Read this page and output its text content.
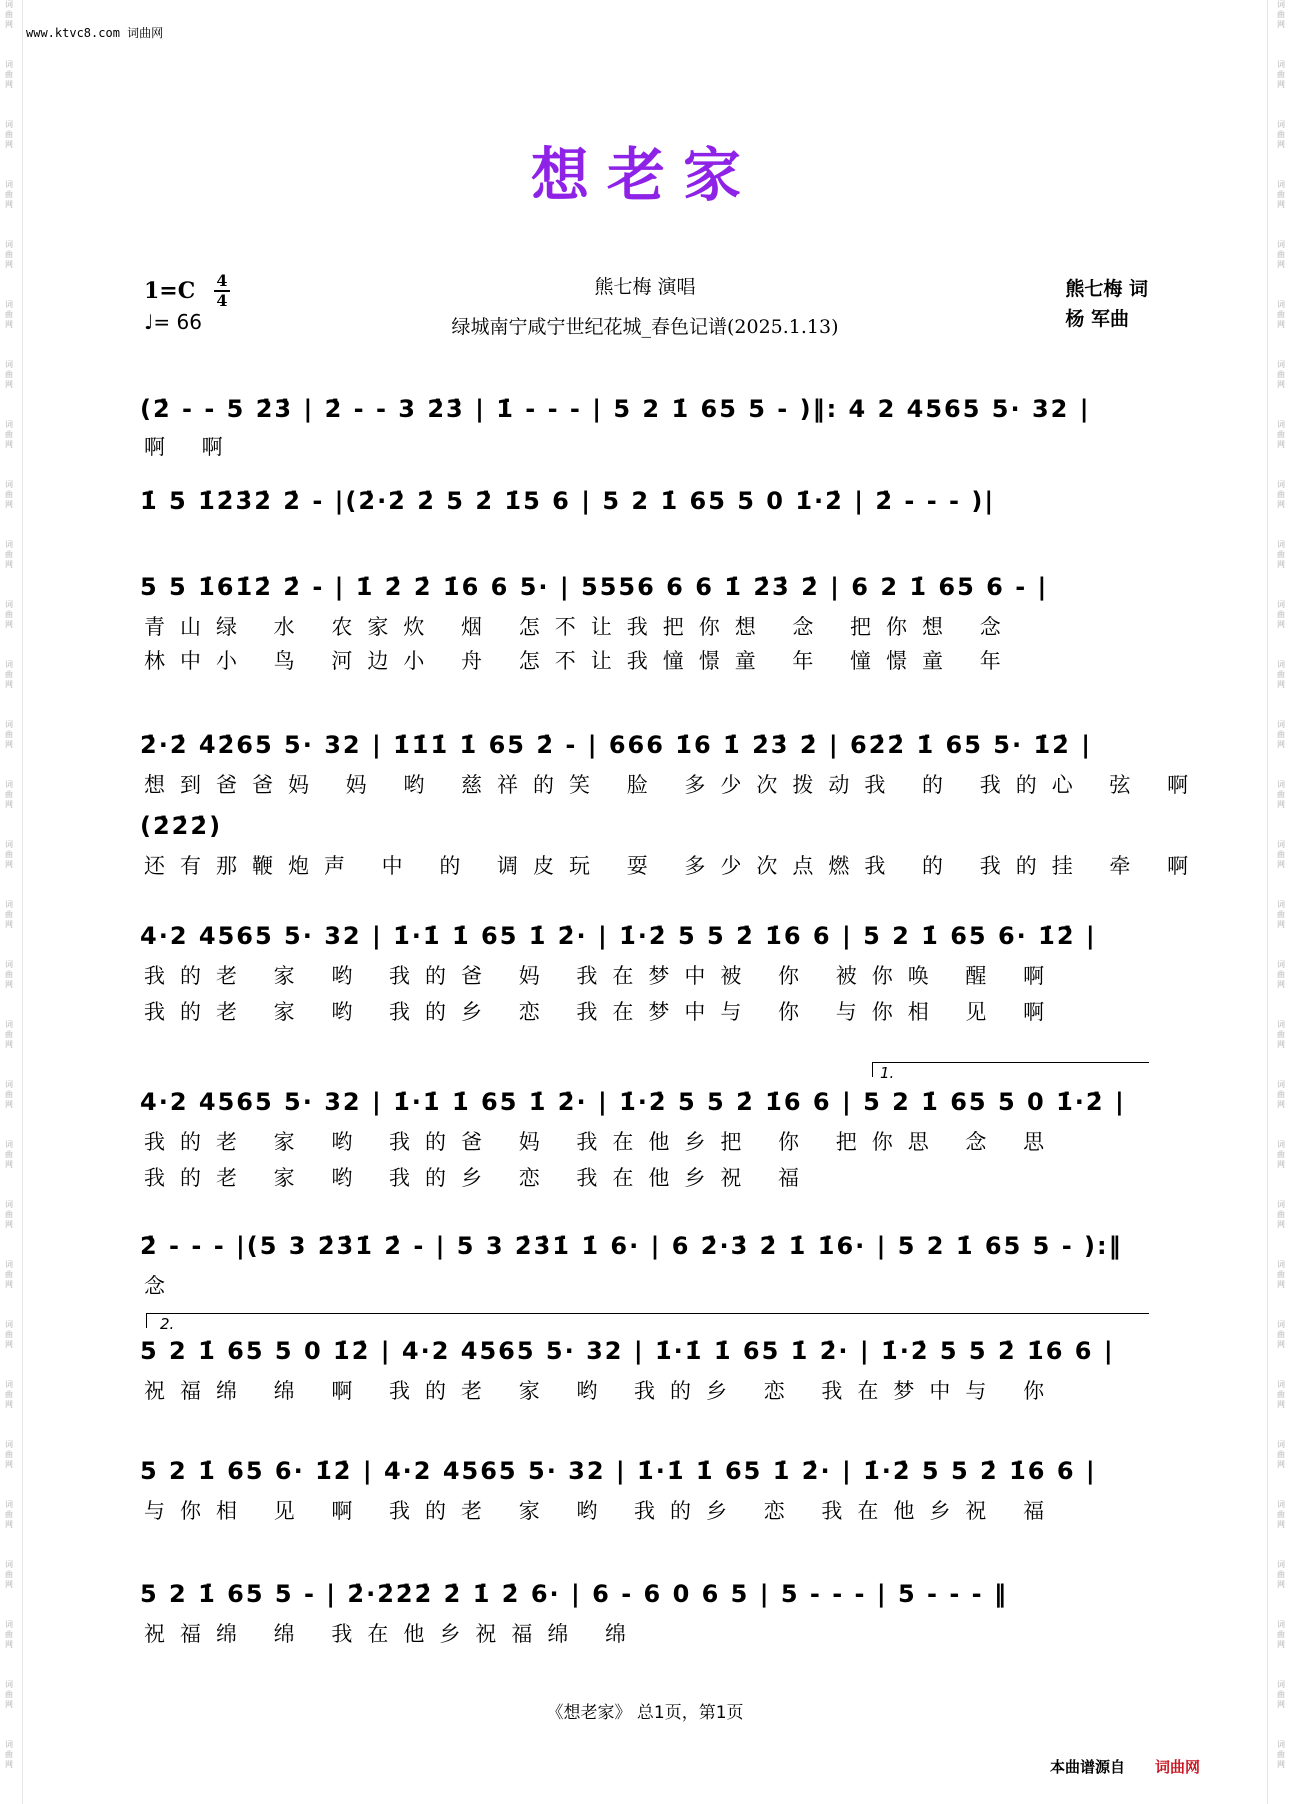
词
曲
网
词
曲
网
词
曲
网
词
曲
网
词
曲
网
词
曲
网
词
曲
网
词
曲
网
词
曲
网
词
曲
网
词
曲
网
词
曲
网
词
曲
网
词
曲
网
词
曲
网
词
曲
网
词
曲
网
词
曲
网
词
曲
网
词
曲
网
词
曲
网
词
曲
网
词
曲
网
词
曲
网
词
曲
网
词
曲
网
词
曲
网
词
曲
网
词
曲
网
词
曲
网
词
曲
网
词
曲
网
词
曲
网
词
曲
网
词
曲
网
词
曲
网
词
曲
网
词
曲
网
词
曲
网
词
曲
网
词
曲
网
词
曲
网
词
曲
网
词
曲
网
词
曲
网
词
曲
网
词
曲
网
词
曲
网
词
曲
网
词
曲
网
词
曲
网
词
曲
网
词
曲
网
词
曲
网
词
曲
网
词
曲
网
词
曲
网
词
曲
网
词
曲
网
词
曲
网
www.ktvc8.com 词曲网
想老家
1=C 4
4
♩= 66
熊七梅 演唱
绿城南宁咸宁世纪花城_春色记谱(2025.1.13)
熊七梅 词
杨 军曲
(2̇ - - 5 2̇3̇ | 2̇ - - 3 2̇3̇ | 1̇ - - - | 5 2 1̇ 65 5 - )‖: 4 2 4565 5· 32 |
啊 啊
1̇ 5 1̇2̇3̇2̇ 2̇ - |(2̇·2̇ 2̇ 5 2̇ 1̇5 6 | 5 2 1̇ 65 5 0 1̇·2̇ | 2̇ - - - )|
5 5 1̇61̇2̇ 2̇ - | 1̇ 2̇ 2̇ 1̇6 6 5· | 5556 6 6 1̇ 2̇3̇ 2̇ | 6 2 1̇ 65 6 - |
青山绿 水 农家炊 烟 怎不让我把你想 念 把你想 念
林中小 鸟 河边小 舟 怎不让我憧憬童 年 憧憬童 年
2̇·2̇ 4̇2̇65 5· 32 | 1̇1̇1̇ 1̇ 65 2̇ - | 666 1̇6 1̇ 2̇3̇ 2̇ | 62̇2̇ 1̇ 65 5· 1̇2̇ |
想到爸爸妈 妈 哟 慈祥的笑 脸 多少次拨动我 的 我的心 弦 啊
(2̇2̇2̇)
还有那鞭炮声 中 的 调皮玩 耍 多少次点燃我 的 我的挂 牵 啊
4·2 4565 5· 32 | 1̇·1̇ 1̇ 65 1̇ 2̇· | 1̇·2̇ 5 5 2̇ 1̇6 6 | 5 2 1̇ 65 6· 1̇2̇ |
我的老 家 哟 我的爸 妈 我在梦中被 你 被你唤 醒 啊
我的老 家 哟 我的乡 恋 我在梦中与 你 与你相 见 啊
4·2 4565 5· 32 | 1̇·1̇ 1̇ 65 1̇ 2̇· | 1̇·2̇ 5 5 2̇ 1̇6 6 | 5 2 1̇ 65 5 0 1̇·2̇ |
我的老 家 哟 我的爸 妈 我在他乡把 你 把你思 念 思
我的老 家 哟 我的乡 恋 我在他乡祝 福
2̇ - - - |(5 3 2̇3̇1̇ 2̇ - | 5 3 2̇3̇1̇ 1̇ 6· | 6 2̇·3̇ 2̇ 1̇ 1̇6· | 5 2 1̇ 65 5 - ):‖
念
5 2 1̇ 65 5 0 1̇2̇ | 4·2 4565 5· 32 | 1̇·1̇ 1̇ 65 1̇ 2̇· | 1̇·2̇ 5 5 2̇ 1̇6 6 |
祝福绵 绵 啊 我的老 家 哟 我的乡 恋 我在梦中与 你
5 2 1̇ 65 6· 1̇2̇ | 4·2 4565 5· 32 | 1̇·1̇ 1̇ 65 1̇ 2̇· | 1̇·2̇ 5 5 2̇ 1̇6 6 |
与你相 见 啊 我的老 家 哟 我的乡 恋 我在他乡祝 福
5 2 1̇ 65 5 - | 2̇·2̇2̇2̇ 2̇ 1̇ 2̇ 6· | 6 - 6 0 6 5 | 5 - - - | 5 - - - ‖
祝福绵 绵 我在他乡祝福绵 绵
1.
2.
《想老家》 总1页，第1页
本曲谱源自 词曲网
